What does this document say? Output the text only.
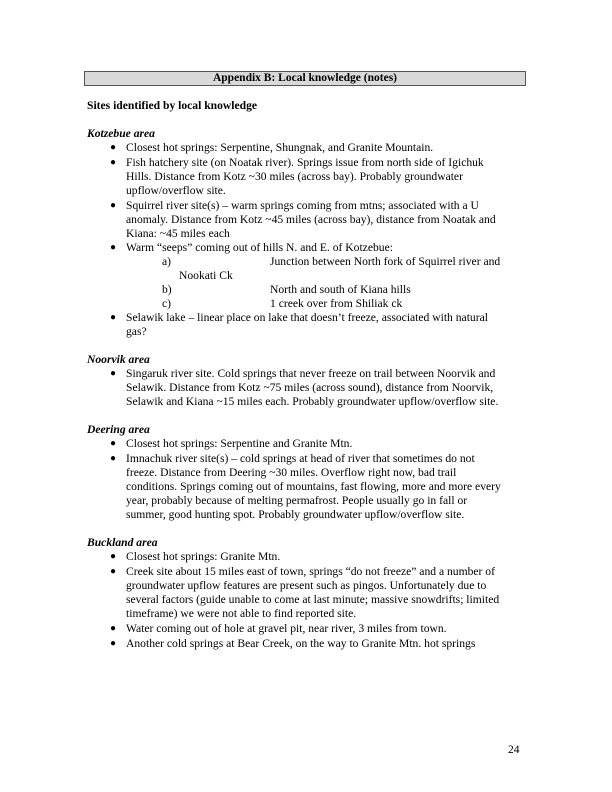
Appendix B: Local knowledge (notes)
Sites identified by local knowledge
Kotzebue area
● Closest hot springs: Serpentine, Shungnak, and Granite Mountain.
● Fish hatchery site (on Noatak river). Springs issue from north side of Igichuk
Hills. Distance from Kotz ~30 miles (across bay). Probably groundwater
upflow/overflow site.
● Squirrel river site(s) – warm springs coming from mtns; associated with a U
anomaly. Distance from Kotz ~45 miles (across bay), distance from Noatak and
Kiana: ~45 miles each
● Warm “seeps” coming out of hills N. and E. of Kotzebue:
a)	Junction between North fork of Squirrel river and
Nookati Ck
b)	North and south of Kiana hills
c)	1 creek over from Shiliak ck
● Selawik lake – linear place on lake that doesn’t freeze, associated with natural
gas?
Noorvik area
● Singaruk river site. Cold springs that never freeze on trail between Noorvik and
Selawik. Distance from Kotz ~75 miles (across sound), distance from Noorvik,
Selawik and Kiana ~15 miles each. Probably groundwater upflow/overflow site.
Deering area
● Closest hot springs: Serpentine and Granite Mtn.
● Imnachuk river site(s) – cold springs at head of river that sometimes do not
freeze. Distance from Deering ~30 miles. Overflow right now, bad trail
conditions. Springs coming out of mountains, fast flowing, more and more every
year, probably because of melting permafrost. People usually go in fall or
summer, good hunting spot. Probably groundwater upflow/overflow site.
Buckland area
● Closest hot springs: Granite Mtn.
● Creek site about 15 miles east of town, springs “do not freeze” and a number of
groundwater upflow features are present such as pingos. Unfortunately due to
several factors (guide unable to come at last minute; massive snowdrifts; limited
timeframe) we were not able to find reported site.
● Water coming out of hole at gravel pit, near river, 3 miles from town.
● Another cold springs at Bear Creek, on the way to Granite Mtn. hot springs
24
